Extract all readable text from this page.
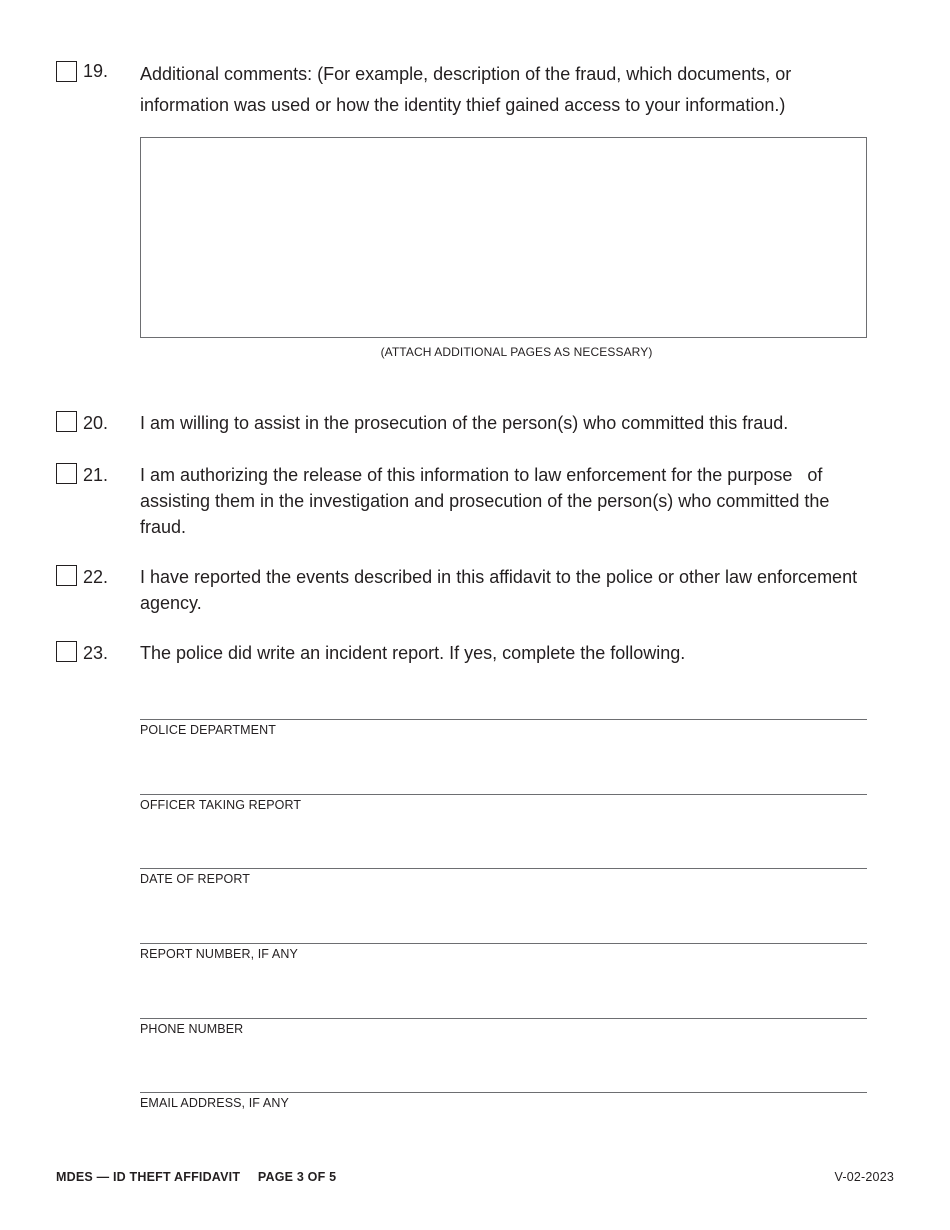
19. Additional comments: (For example, description of the fraud, which documents, or information was used or how the identity thief gained access to your information.)
(ATTACH ADDITIONAL PAGES AS NECESSARY)
20. I am willing to assist in the prosecution of the person(s) who committed this fraud.
21. I am authorizing the release of this information to law enforcement for the purpose   of assisting them in the investigation and prosecution of the person(s) who committed the fraud.
22. I have reported the events described in this affidavit to the police or other law enforcement agency.
23. The police did write an incident report. If yes, complete the following.
POLICE DEPARTMENT
OFFICER TAKING REPORT
DATE OF REPORT
REPORT NUMBER, IF ANY
PHONE NUMBER
EMAIL ADDRESS, IF ANY
MDES — ID THEFT AFFIDAVIT PAGE 3 OF 5	V-02-2023
